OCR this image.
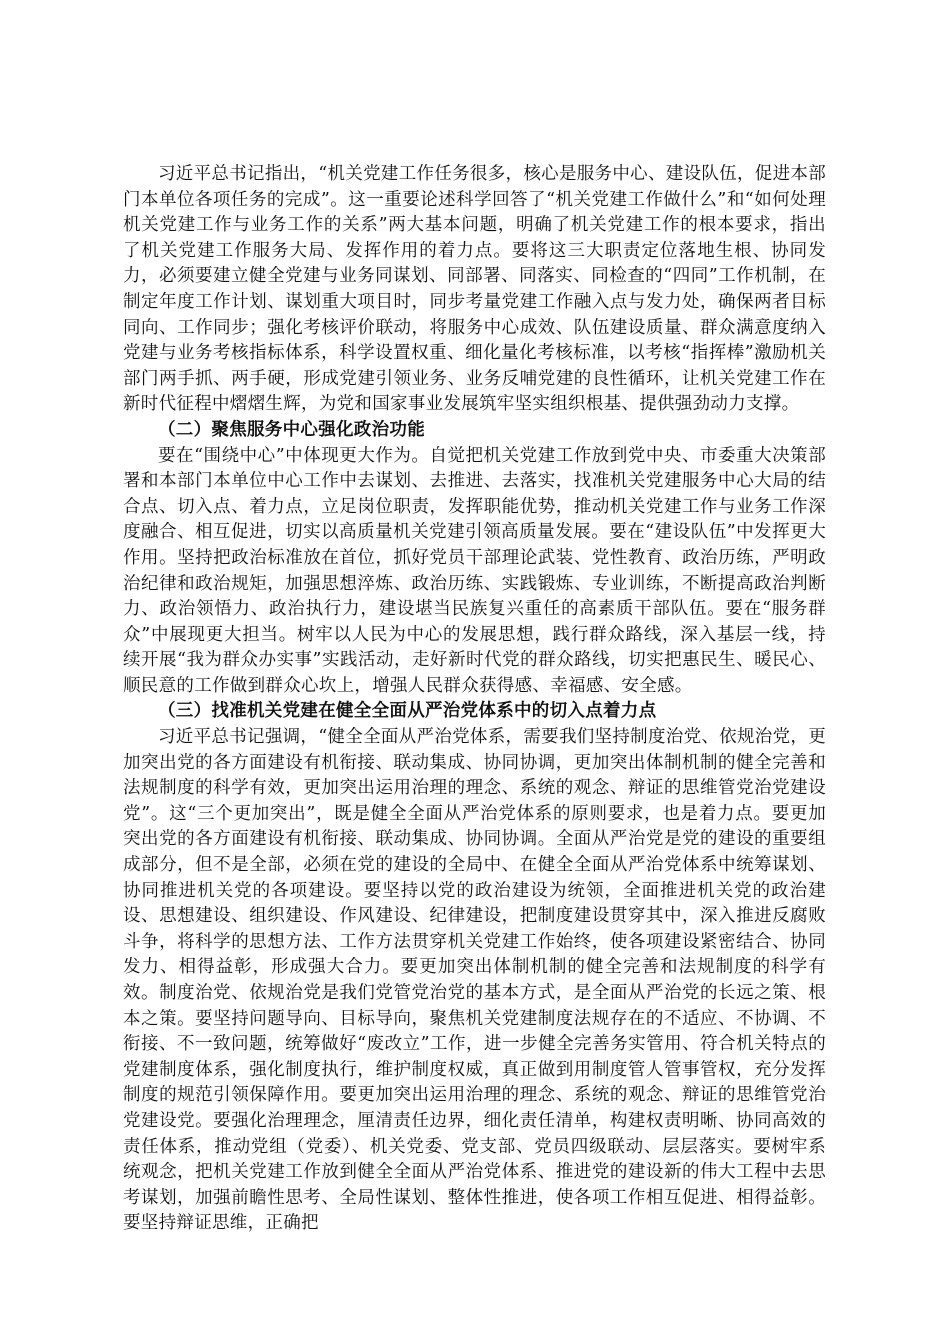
习近平总书记指出，“机关党建工作任务很多，核心是服务中心、建设队伍，促进本部门本单位各项任务的完成”。这一重要论述科学回答了“机关党建工作做什么”和“如何处理机关党建工作与业务工作的关系”两大基本问题，明确了机关党建工作的根本要求，指出了机关党建工作服务大局、发挥作用的着力点。要将这三大职责定位落地生根、协同发力，必须要建立健全党建与业务同谋划、同部署、同落实、同检查的“四同”工作机制，在制定年度工作计划、谋划重大项目时，同步考量党建工作融入点与发力处，确保两者目标同向、工作同步；强化考核评价联动，将服务中心成效、队伍建设质量、群众满意度纳入党建与业务考核指标体系，科学设置权重、细化量化考核标准，以考核“指挥棒”激励机关部门两手抓、两手硬，形成党建引领业务、业务反哺党建的良性循环，让机关党建工作在新时代征程中熠熠生辉，为党和国家事业发展筑牢坚实组织根基、提供强劲动力支撑。

（二）聚焦服务中心强化政治功能

要在“围绕中心”中体现更大作为。自觉把机关党建工作放到党中央、市委重大决策部署和本部门本单位中心工作中去谋划、去推进、去落实，找准机关党建服务中心大局的结合点、切入点、着力点，立足岗位职责，发挥职能优势，推动机关党建工作与业务工作深度融合、相互促进，切实以高质量机关党建引领高质量发展。要在“建设队伍”中发挥更大作用。坚持把政治标准放在首位，抓好党员干部理论武装、党性教育、政治历练，严明政治纪律和政治规矩，加强思想淬炼、政治历练、实践锻炼、专业训练，不断提高政治判断力、政治领悟力、政治执行力，建设堪当民族复兴重任的高素质干部队伍。要在“服务群众”中展现更大担当。树牢以人民为中心的发展思想，践行群众路线，深入基层一线，持续开展“我为群众办实事”实践活动，走好新时代党的群众路线，切实把惠民生、暖民心、顺民意的工作做到群众心坎上，增强人民群众获得感、幸福感、安全感。

（三）找准机关党建在健全全面从严治党体系中的切入点着力点

习近平总书记强调，“健全全面从严治党体系，需要我们坚持制度治党、依规治党，更加突出党的各方面建设有机衔接、联动集成、协同协调，更加突出体制机制的健全完善和法规制度的科学有效，更加突出运用治理的理念、系统的观念、辩证的思维管党治党建设党”。这“三个更加突出”，既是健全全面从严治党体系的原则要求，也是着力点。要更加突出党的各方面建设有机衔接、联动集成、协同协调。全面从严治党是党的建设的重要组成部分，但不是全部，必须在党的建设的全局中、在健全全面从严治党体系中统筹谋划、协同推进机关党的各项建设。要坚持以党的政治建设为统领，全面推进机关党的政治建设、思想建设、组织建设、作风建设、纪律建设，把制度建设贯穿其中，深入推进反腐败斗争，将科学的思想方法、工作方法贯穿机关党建工作始终，使各项建设紧密结合、协同发力、相得益彰，形成强大合力。要更加突出体制机制的健全完善和法规制度的科学有效。制度治党、依规治党是我们党管党治党的基本方式，是全面从严治党的长远之策、根本之策。要坚持问题导向、目标导向，聚焦机关党建制度法规存在的不适应、不协调、不衔接、不一致问题，统筹做好“废改立”工作，进一步健全完善务实管用、符合机关特点的党建制度体系，强化制度执行，维护制度权威，真正做到用制度管人管事管权，充分发挥制度的规范引领保障作用。要更加突出运用治理的理念、系统的观念、辩证的思维管党治党建设党。要强化治理理念，厘清责任边界，细化责任清单，构建权责明晰、协同高效的责任体系，推动党组（党委）、机关党委、党支部、党员四级联动、层层落实。要树牢系统观念，把机关党建工作放到健全全面从严治党体系、推进党的建设新的伟大工程中去思考谋划，加强前瞻性思考、全局性谋划、整体性推进，使各项工作相互促进、相得益彰。要坚持辩证思维，正确把
